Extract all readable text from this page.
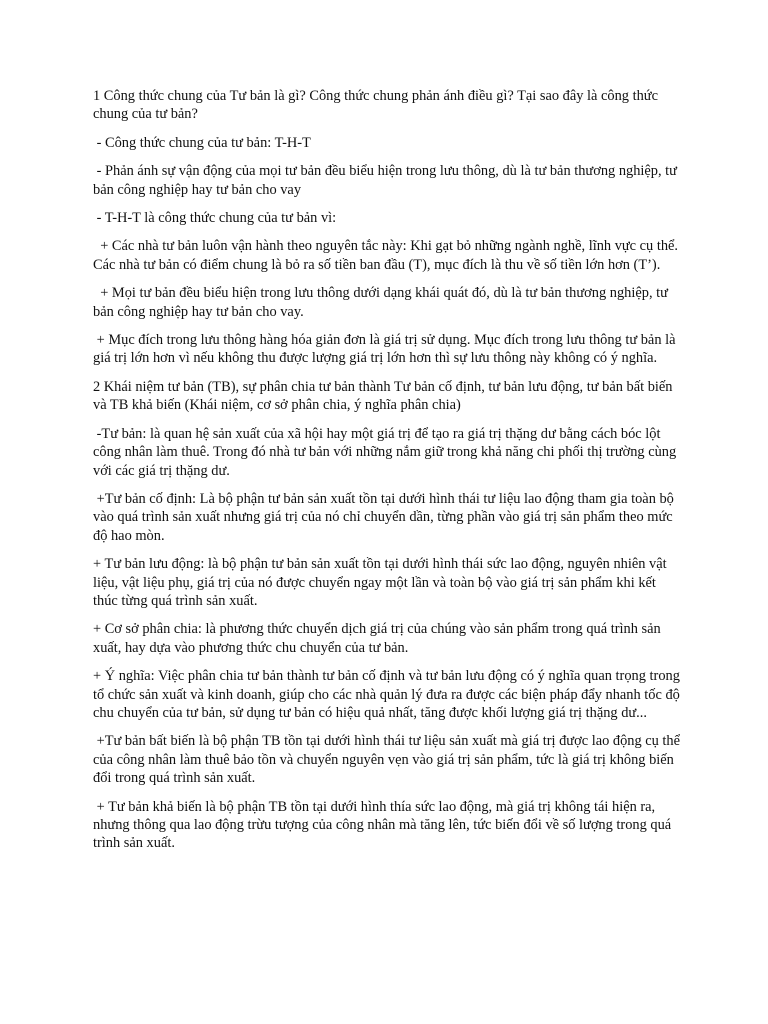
1 Công thức chung của Tư bản là gì? Công thức chung phản ánh điều gì? Tại sao đây là công thức chung của tư bản?

- Công thức chung của tư bản: T-H-T

- Phản ánh sự vận động của mọi tư bản đều biểu hiện trong lưu thông, dù là tư bản thương nghiệp, tư bản công nghiệp hay tư bản cho vay

- T-H-T là công thức chung của tư bản vì:

+ Các nhà tư bản luôn vận hành theo nguyên tắc này: Khi gạt bỏ những ngành nghề, lĩnh vực cụ thể. Các nhà tư bản có điểm chung là bỏ ra số tiền ban đầu (T), mục đích là thu về số tiền lớn hơn (T’).

+ Mọi tư bản đều biểu hiện trong lưu thông dưới dạng khái quát đó, dù là tư bản thương nghiệp, tư bản công nghiệp hay tư bản cho vay.

+ Mục đích trong lưu thông hàng hóa giản đơn là giá trị sử dụng. Mục đích trong lưu thông tư bản là giá trị lớn hơn vì nếu không thu được lượng giá trị lớn hơn thì sự lưu thông này không có ý nghĩa.

2 Khái niệm tư bản (TB), sự phân chia tư bản thành Tư bản cố định, tư bản lưu động, tư bản bất biến và TB khả biến (Khái niệm, cơ sở phân chia, ý nghĩa phân chia)

-Tư bản: là quan hệ sản xuất của xã hội hay một giá trị để tạo ra giá trị thặng dư bằng cách bóc lột công nhân làm thuê. Trong đó nhà tư bản với những nắm giữ trong khả năng chi phối thị trường cùng với các giá trị thặng dư.

+Tư bản cố định: Là bộ phận tư bản sản xuất tồn tại dưới hình thái tư liệu lao động tham gia toàn bộ vào quá trình sản xuất nhưng giá trị của nó chỉ chuyển dần, từng phần vào giá trị sản phẩm theo mức độ hao mòn.

+ Tư bản lưu động: là bộ phận tư bản sản xuất tồn tại dưới hình thái sức lao động, nguyên nhiên vật liệu, vật liệu phụ, giá trị của nó được chuyển ngay một lần và toàn bộ vào giá trị sản phẩm khi kết thúc từng quá trình sản xuất.

+ Cơ sở phân chia: là phương thức chuyển dịch giá trị của chúng vào sản phẩm trong quá trình sản xuất, hay dựa vào phương thức chu chuyển của tư bản.

+ Ý nghĩa: Việc phân chia tư bản thành tư bản cố định và tư bản lưu động có ý nghĩa quan trọng trong tổ chức sản xuất và kinh doanh, giúp cho các nhà quản lý đưa ra được các biện pháp đẩy nhanh tốc độ chu chuyển của tư bản, sử dụng tư bản có hiệu quả nhất, tăng được khối lượng giá trị thặng dư...

+Tư bản bất biến là bộ phận TB tồn tại dưới hình thái tư liệu sản xuất mà giá trị được lao động cụ thể của công nhân làm thuê bảo tồn và chuyển nguyên vẹn vào giá trị sản phẩm, tức là giá trị không biến đổi trong quá trình sản xuất.

+ Tư bản khả biến là bộ phận TB tồn tại dưới hình thía sức lao động, mà giá trị không tái hiện ra, nhưng thông qua lao động trừu tượng của công nhân mà tăng lên, tức biến đổi về số lượng trong quá trình sản xuất.
